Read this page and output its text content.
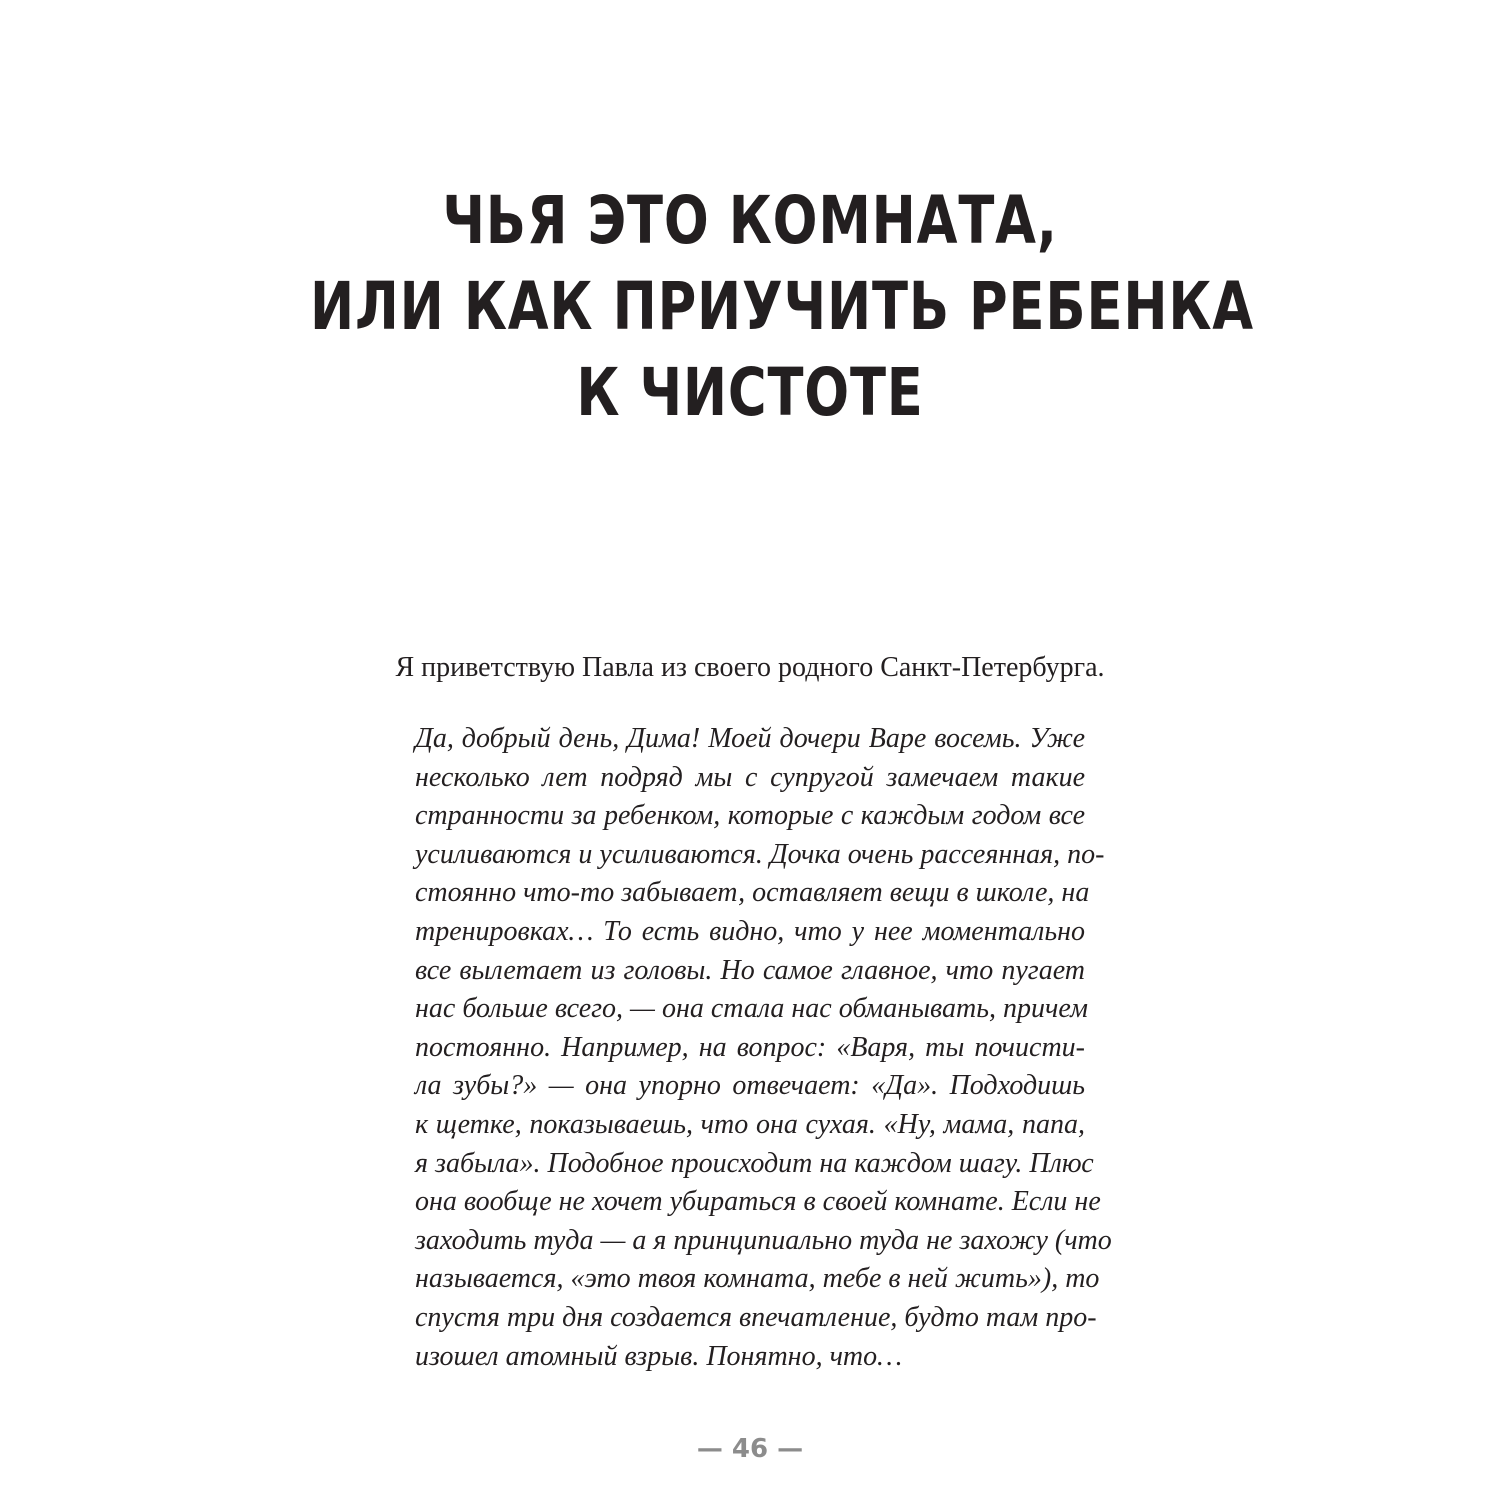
ЧЬЯ ЭТО КОМНАТА,
ИЛИ КАК ПРИУЧИТЬ РЕБЕНКА
К ЧИСТОТЕ

Я приветствую Павла из своего родного Санкт-Петербурга.

Да, добрый день, Дима! Моей дочери Варе восемь. Уже
несколько лет подряд мы с супругой замечаем такие
странности за ребенком, которые с каждым годом все
усиливаются и усиливаются. Дочка очень рассеянная, по-
стоянно что-то забывает, оставляет вещи в школе, на
тренировках… То есть видно, что у нее моментально
все вылетает из головы. Но самое главное, что пугает
нас больше всего, — она стала нас обманывать, причем
постоянно. Например, на вопрос: «Варя, ты почисти-
ла зубы?» — она упорно отвечает: «Да». Подходишь
к щетке, показываешь, что она сухая. «Ну, мама, папа,
я забыла». Подобное происходит на каждом шагу. Плюс
она вообще не хочет убираться в своей комнате. Если не
заходить туда — а я принципиально туда не захожу (что
называется, «это твоя комната, тебе в ней жить»), то
спустя три дня создается впечатление, будто там про-
изошел атомный взрыв. Понятно, что…
— 46 —
